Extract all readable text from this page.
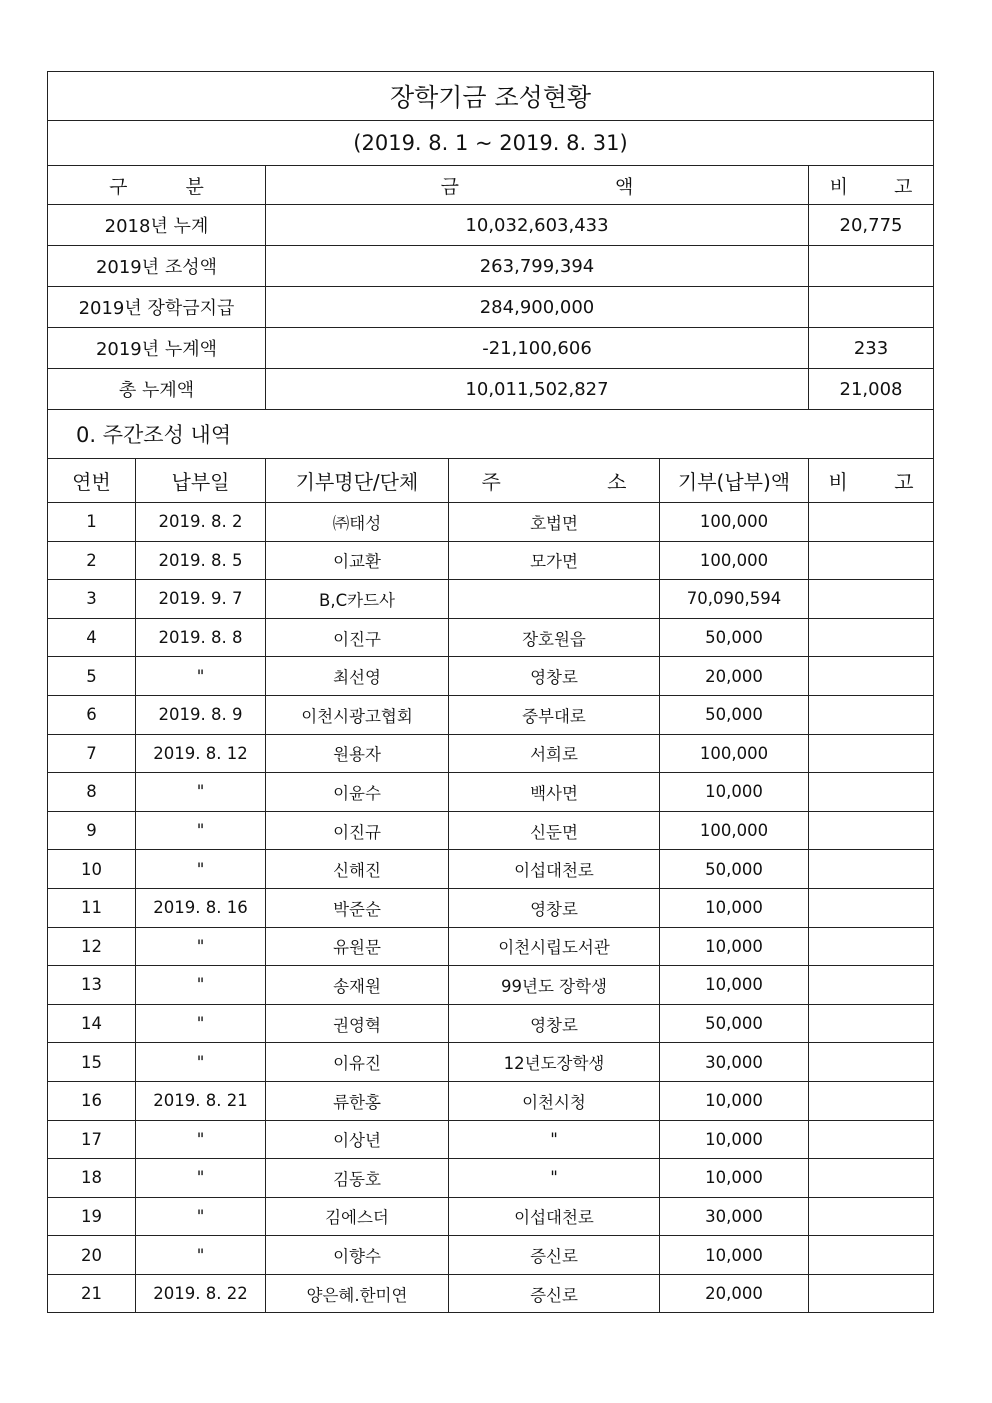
장학기금 조성현황					
(2019. 8. 1 ~ 2019. 8. 31)					
구 분		금 액			비 고
2018년 누계		10,032,603,433			20,775
2019년 조성액		263,799,394			
2019년 장학금지급		284,900,000			
2019년 누계액		-21,100,606			233
총 누계액		10,011,502,827			21,008
0. 주간조성 내역					
연번	납부일	기부명단/단체	주 소	기부(납부)액	비 고
1	2019. 8. 2	㈜태성	호법면	100,000	
2	2019. 8. 5	이교환	모가면	100,000	
3	2019. 9. 7	B,C카드사		70,090,594	
4	2019. 8. 8	이진구	장호원읍	50,000	
5	"	최선영	영창로	20,000	
6	2019. 8. 9	이천시광고협회	중부대로	50,000	
7	2019. 8. 12	원용자	서희로	100,000	
8	"	이윤수	백사면	10,000	
9	"	이진규	신둔면	100,000	
10	"	신해진	이섭대천로	50,000	
11	2019. 8. 16	박준순	영창로	10,000	
12	"	유원문	이천시립도서관	10,000	
13	"	송재원	99년도 장학생	10,000	
14	"	권영혁	영창로	50,000	
15	"	이유진	12년도장학생	30,000	
16	2019. 8. 21	류한홍	이천시청	10,000	
17	"	이상년	"	10,000	
18	"	김동호	"	10,000	
19	"	김에스더	이섭대천로	30,000	
20	"	이향수	증신로	10,000	
21	2019. 8. 22	양은혜.한미연	증신로	20,000	
